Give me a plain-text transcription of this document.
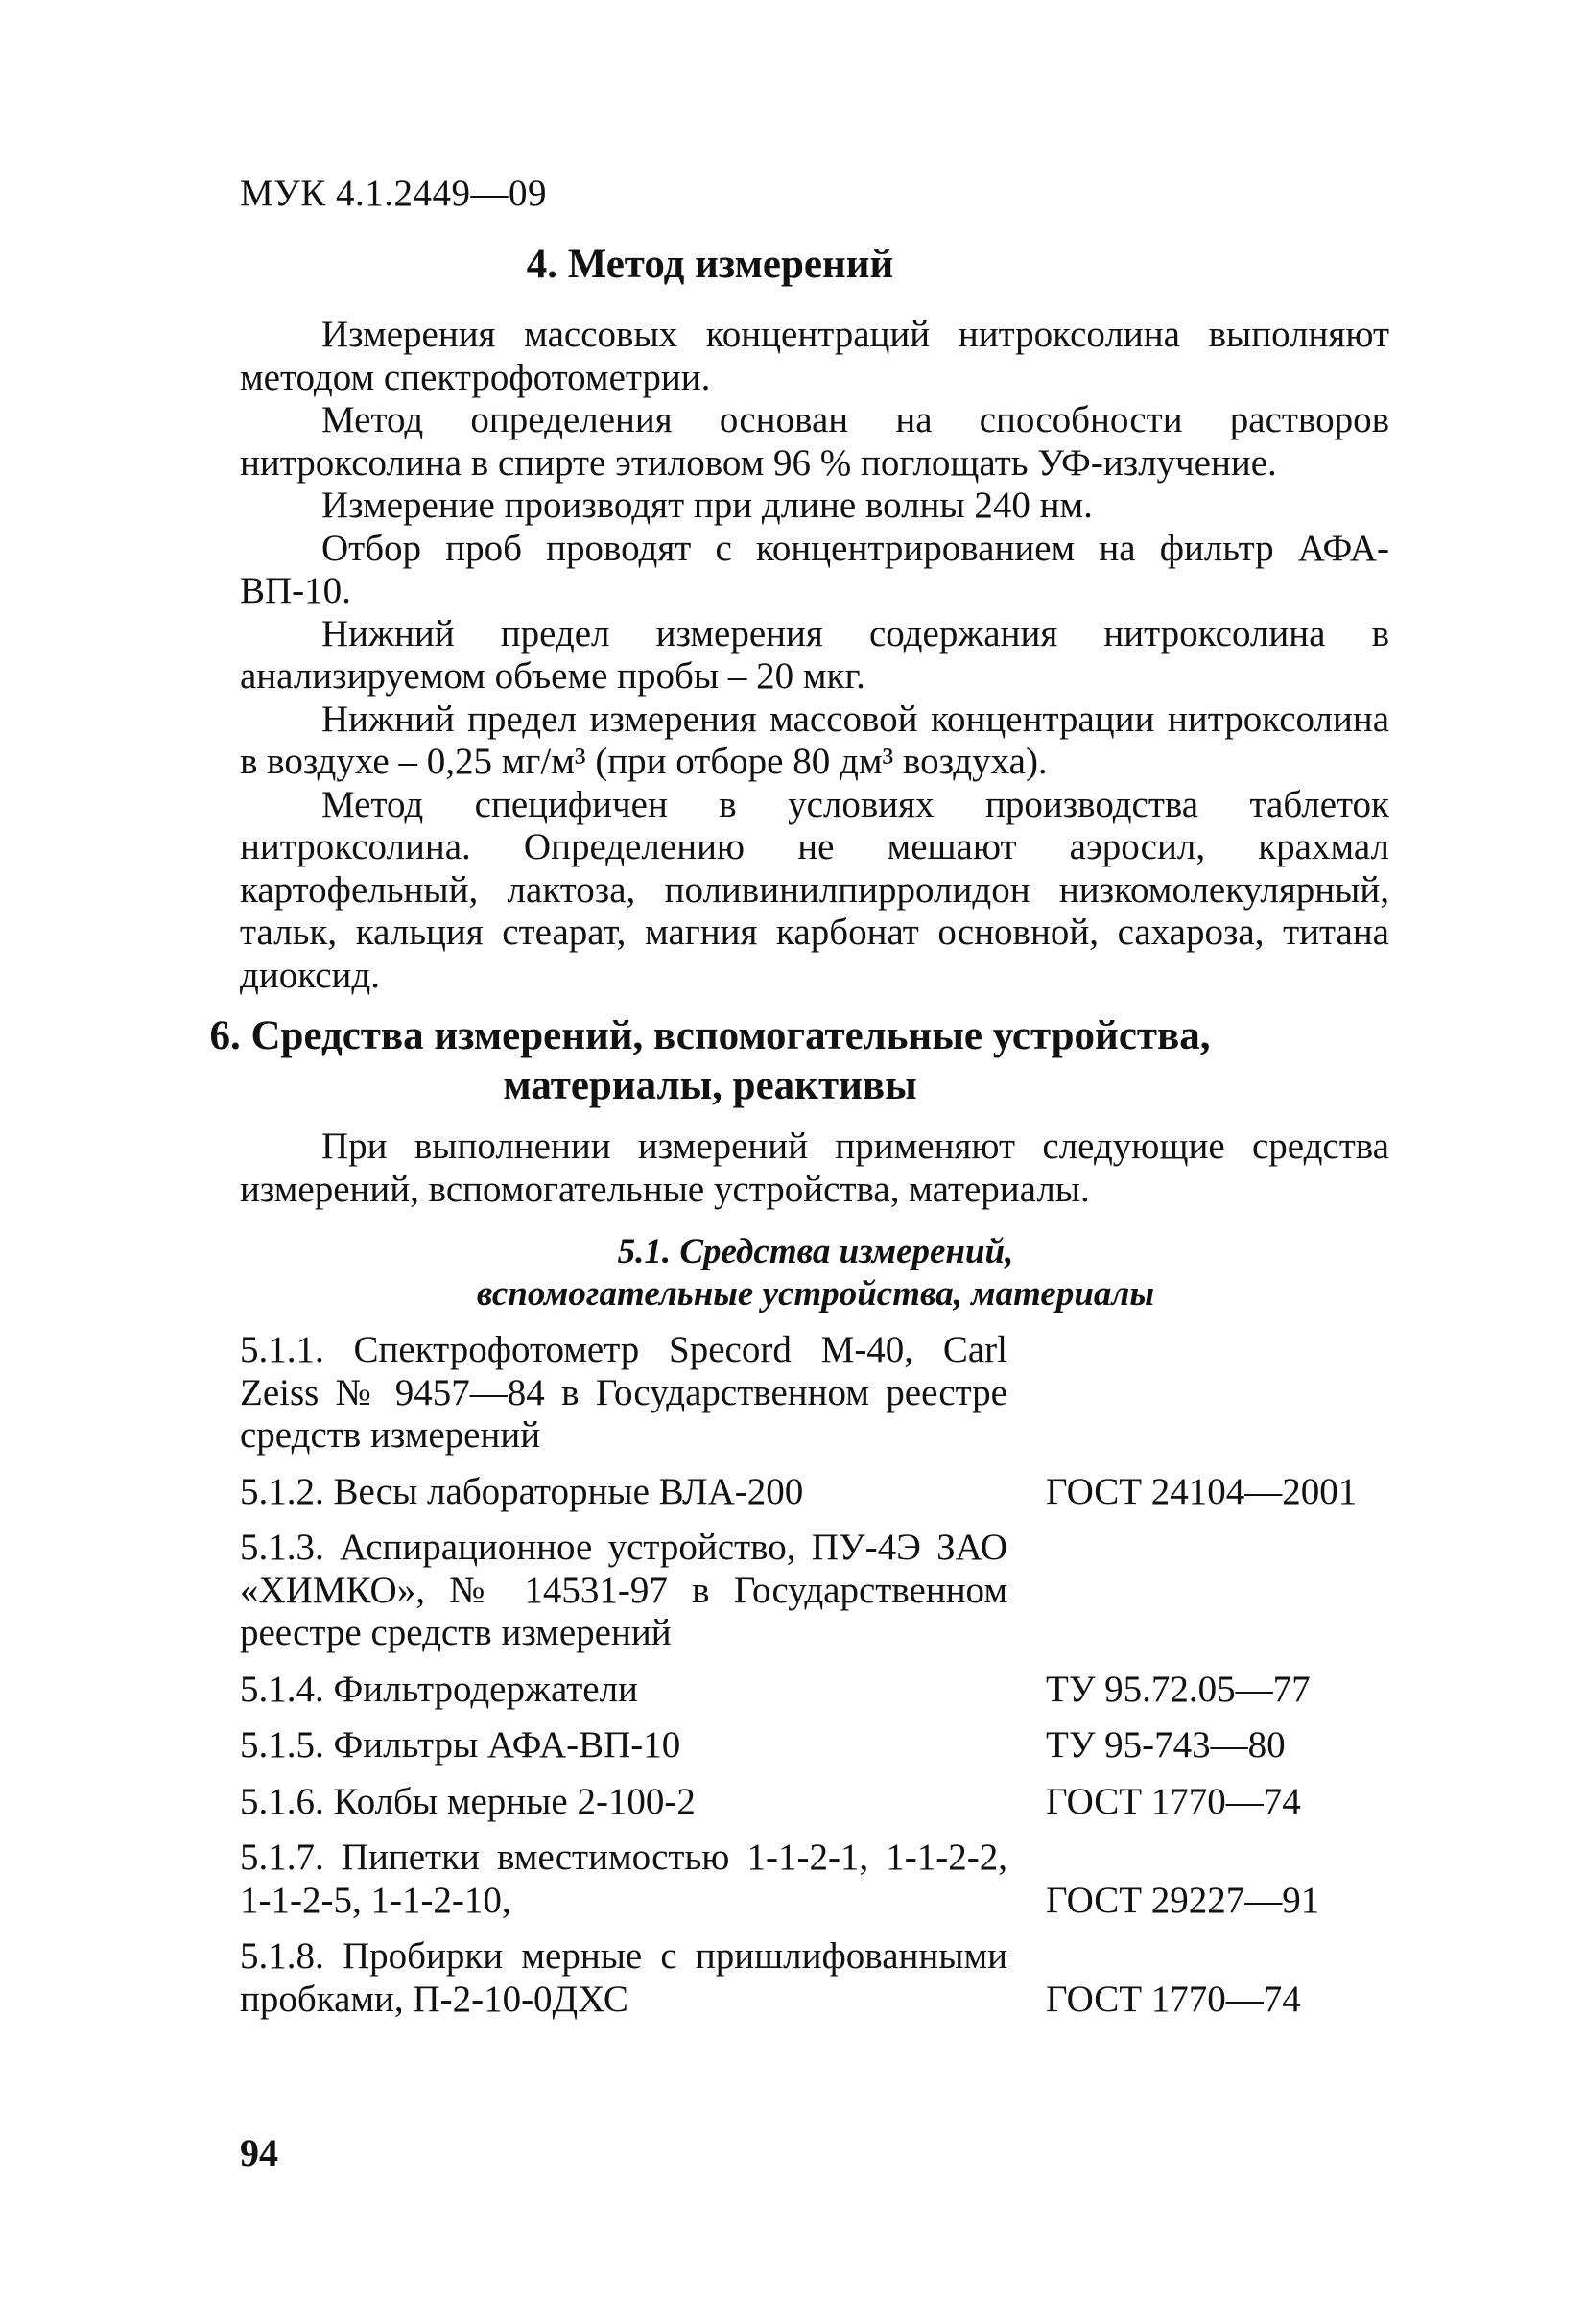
МУК 4.1.2449—09
4. Метод измерений

Измерения массовых концентраций нитроксолина выполняют методом спектрофотометрии.

Метод определения основан на способности растворов нитроксолина в спирте этиловом 96 % поглощать УФ-излучение.

Измерение производят при длине волны 240 нм.

Отбор проб проводят с концентрированием на фильтр АФА-ВП-10.

Нижний предел измерения содержания нитроксолина в анализируемом объеме пробы – 20 мкг.

Нижний предел измерения массовой концентрации нитроксолина в воздухе – 0,25 мг/м³ (при отборе 80 дм³ воздуха).

Метод специфичен в условиях производства таблеток нитроксолина. Определению не мешают аэросил, крахмал картофельный, лактоза, поливинилпирролидон низкомолекулярный, тальк, кальция стеарат, магния карбонат основной, сахароза, титана диоксид.

6. Средства измерений, вспомогательные устройства,
материалы, реактивы

При выполнении измерений применяют следующие средства измерений, вспомогательные устройства, материалы.

5.1. Средства измерений,
вспомогательные устройства, материалы
5.1.1. Спектрофотометр Specord M-40, Carl Zeiss № 9457—84 в Государственном реестре средств измерений
5.1.2. Весы лабораторные ВЛА-200	ГОСТ 24104—2001
5.1.3. Аспирационное устройство, ПУ-4Э ЗАО «ХИМКО», № 14531-97 в Государственном реестре средств измерений
5.1.4. Фильтродержатели	ТУ 95.72.05—77
5.1.5. Фильтры АФА-ВП-10	ТУ 95-743—80
5.1.6. Колбы мерные 2-100-2	ГОСТ 1770—74
5.1.7. Пипетки вместимостью 1-1-2-1, 1-1-2-2, 1-1-2-5, 1-1-2-10,	ГОСТ 29227—91
5.1.8. Пробирки мерные с пришлифованными пробками, П-2-10-0ДХС	ГОСТ 1770—74
94
